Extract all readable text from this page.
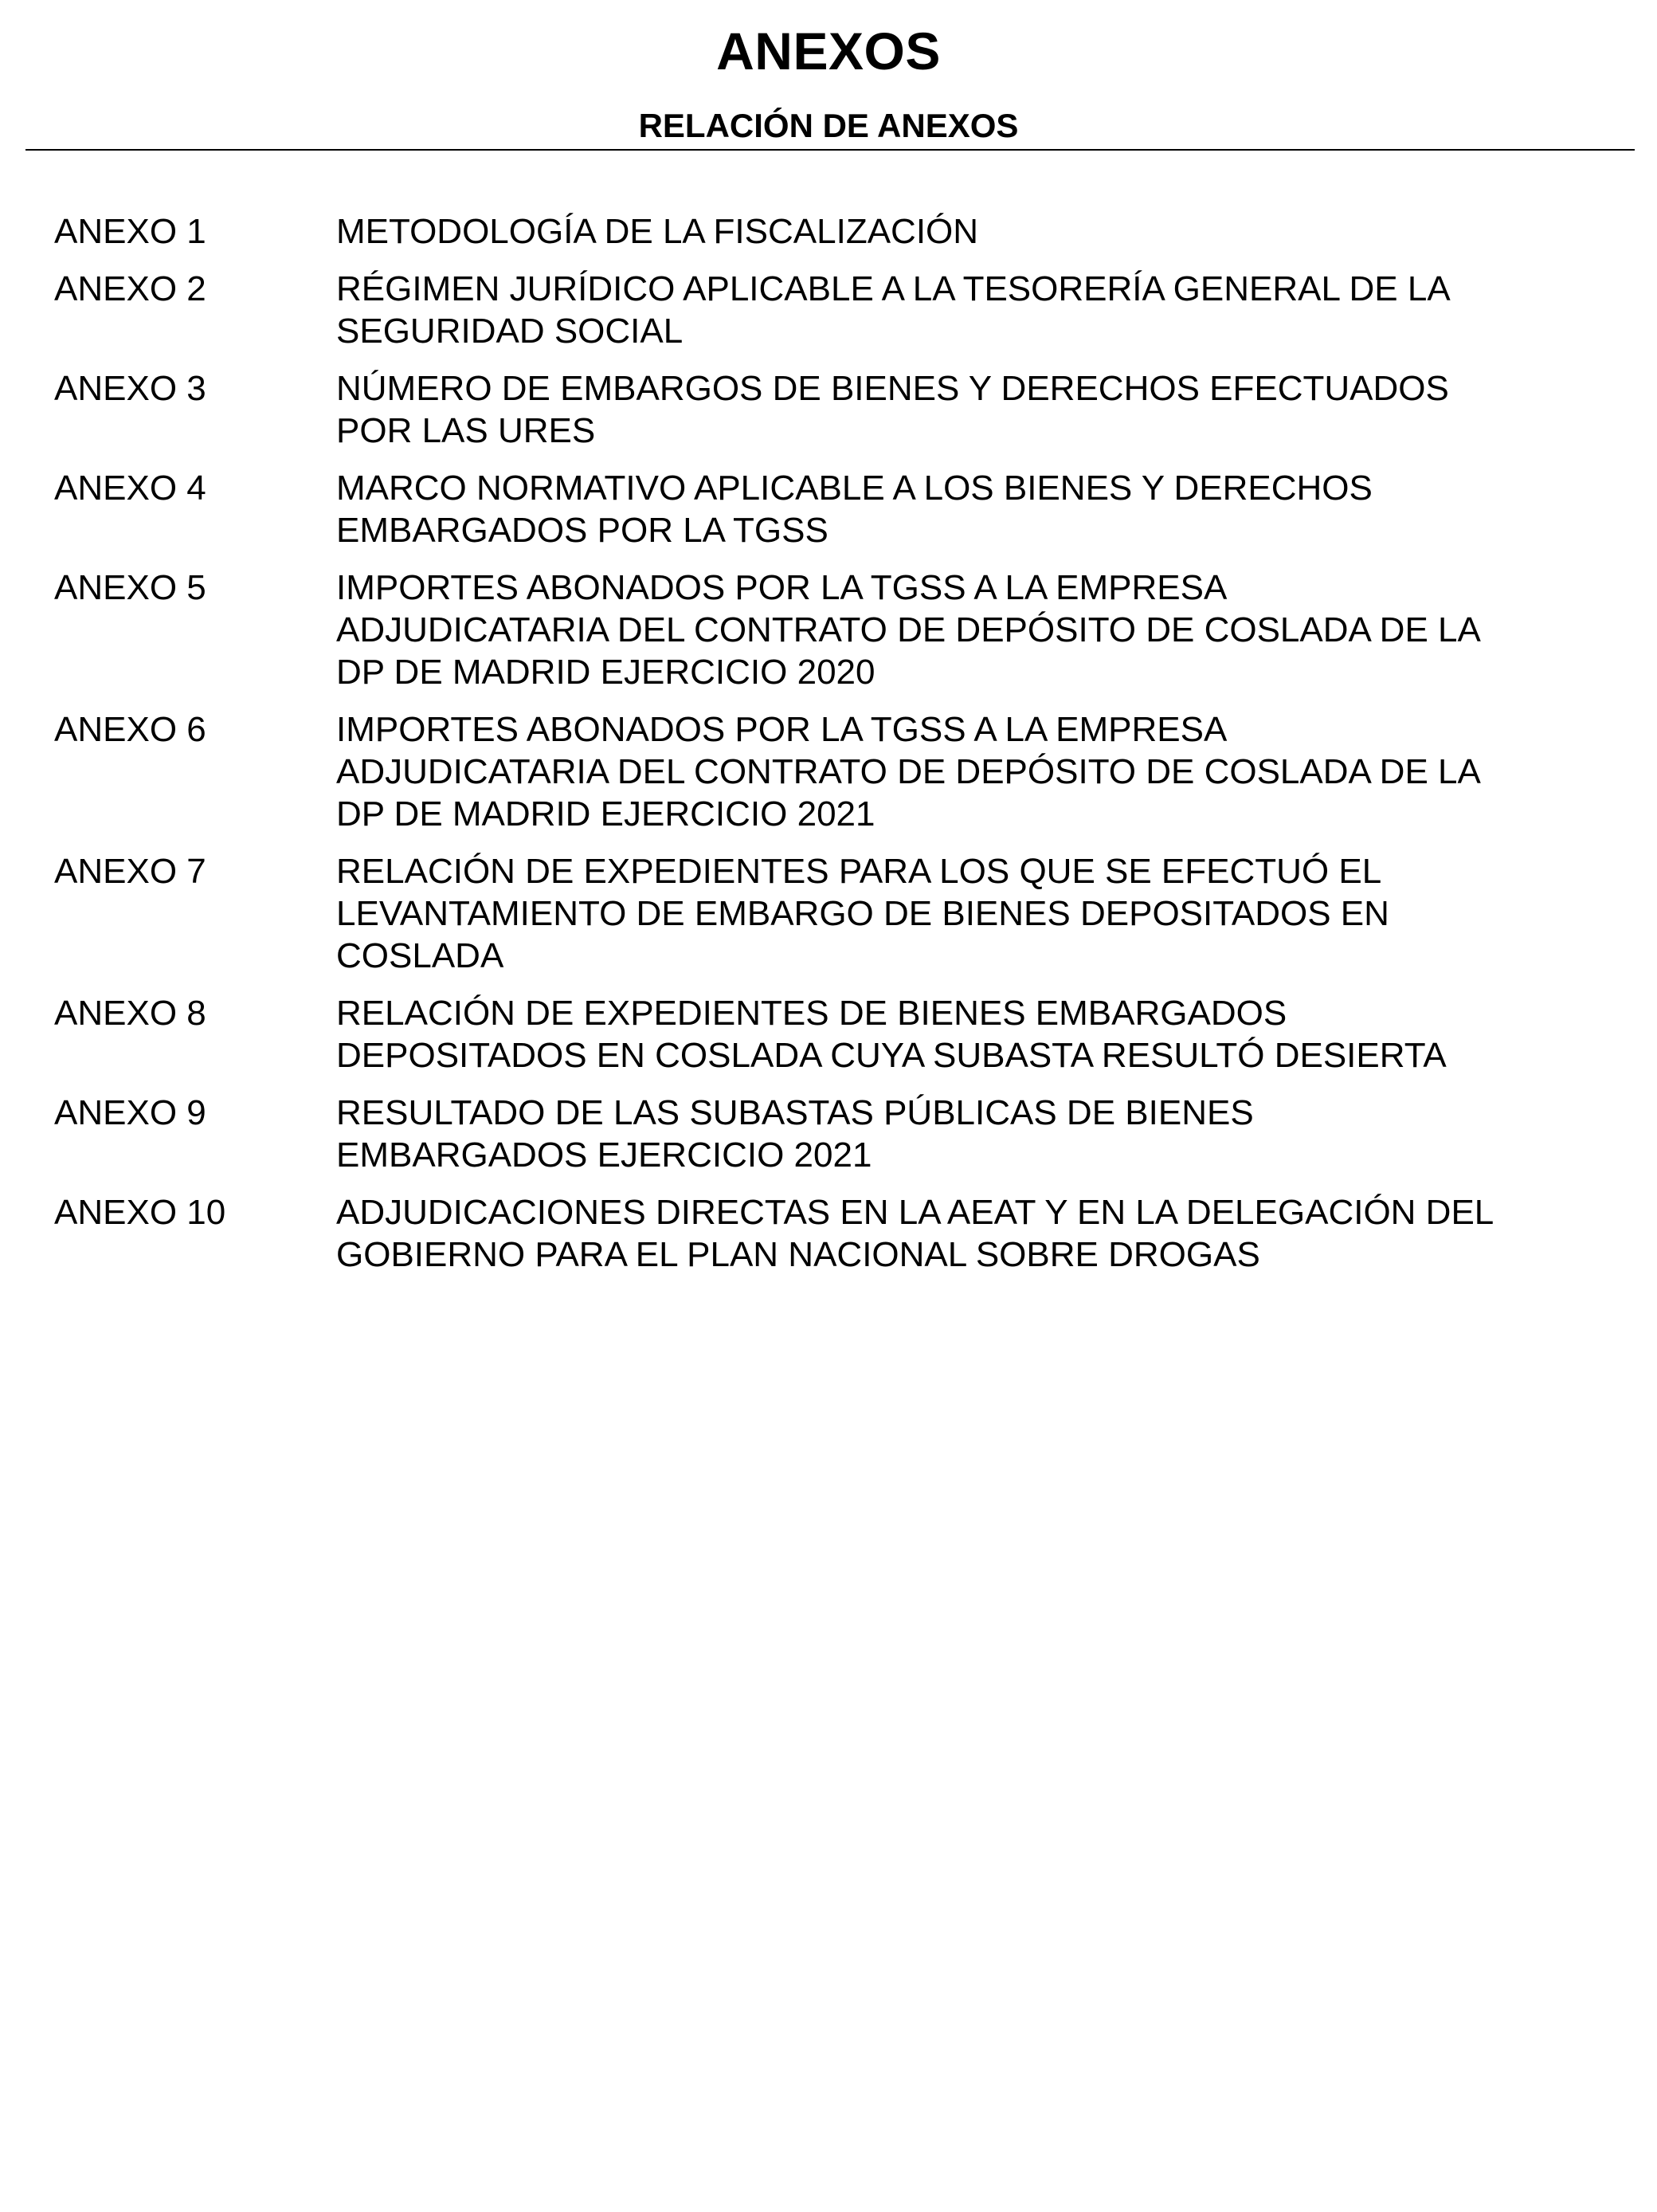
ANEXOS
RELACIÓN DE ANEXOS
ANEXO 1	METODOLOGÍA DE LA FISCALIZACIÓN
ANEXO 2	RÉGIMEN JURÍDICO APLICABLE A LA TESORERÍA GENERAL DE LA
SEGURIDAD SOCIAL
ANEXO 3	NÚMERO DE EMBARGOS DE BIENES Y DERECHOS EFECTUADOS
POR LAS URES
ANEXO 4	MARCO NORMATIVO APLICABLE A LOS BIENES Y DERECHOS
EMBARGADOS POR LA TGSS
ANEXO 5	IMPORTES ABONADOS POR LA TGSS A LA EMPRESA
ADJUDICATARIA DEL CONTRATO DE DEPÓSITO DE COSLADA DE LA
DP DE MADRID EJERCICIO 2020
ANEXO 6	IMPORTES ABONADOS POR LA TGSS A LA EMPRESA
ADJUDICATARIA DEL CONTRATO DE DEPÓSITO DE COSLADA DE LA
DP DE MADRID EJERCICIO 2021
ANEXO 7	RELACIÓN DE EXPEDIENTES PARA LOS QUE SE EFECTUÓ EL
LEVANTAMIENTO DE EMBARGO DE BIENES DEPOSITADOS EN
COSLADA
ANEXO 8	RELACIÓN DE EXPEDIENTES DE BIENES EMBARGADOS
DEPOSITADOS EN COSLADA CUYA SUBASTA RESULTÓ DESIERTA
ANEXO 9	RESULTADO DE LAS SUBASTAS PÚBLICAS DE BIENES
EMBARGADOS EJERCICIO 2021
ANEXO 10	ADJUDICACIONES DIRECTAS EN LA AEAT Y EN LA DELEGACIÓN DEL
GOBIERNO PARA EL PLAN NACIONAL SOBRE DROGAS
